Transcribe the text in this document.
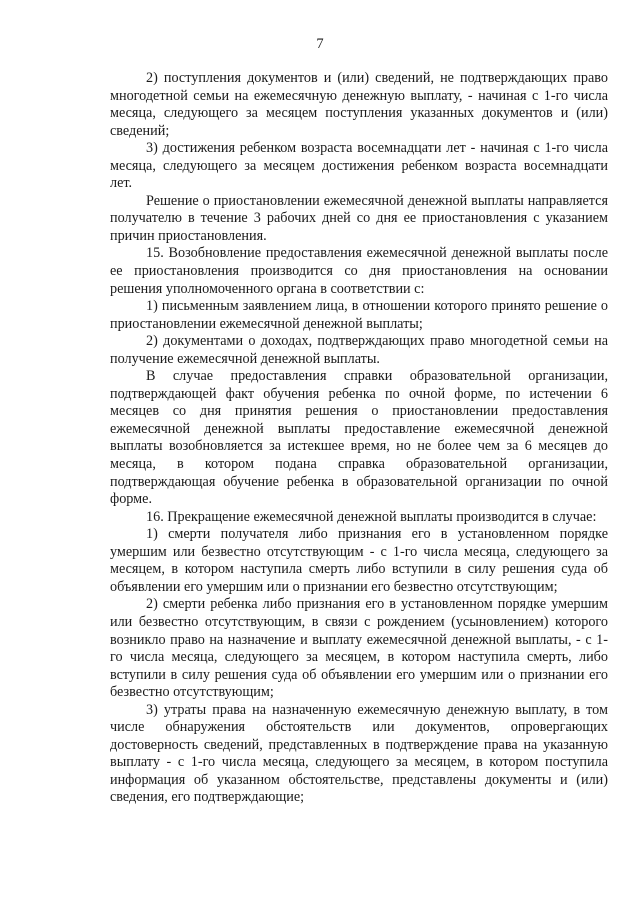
7

2) поступления документов и (или) сведений, не подтверждающих право многодетной семьи на ежемесячную денежную выплату, - начиная с 1-го числа месяца, следующего за месяцем поступления указанных документов и (или) сведений;

3) достижения ребенком возраста восемнадцати лет - начиная с 1-го числа месяца, следующего за месяцем достижения ребенком возраста восемнадцати лет.

Решение о приостановлении ежемесячной денежной выплаты направляется получателю в течение 3 рабочих дней со дня ее приостановления с указанием причин приостановления.

15. Возобновление предоставления ежемесячной денежной выплаты после ее приостановления производится со дня приостановления на основании решения уполномоченного органа в соответствии с:

1) письменным заявлением лица, в отношении которого принято решение о приостановлении ежемесячной денежной выплаты;

2) документами о доходах, подтверждающих право многодетной семьи на получение ежемесячной денежной выплаты.

В случае предоставления справки образовательной организации, подтверждающей факт обучения ребенка по очной форме, по истечении 6 месяцев со дня принятия решения о приостановлении предоставления ежемесячной денежной выплаты предоставление ежемесячной денежной выплаты возобновляется за истекшее время, но не более чем за 6 месяцев до месяца, в котором подана справка образовательной организации, подтверждающая обучение ребенка в образовательной организации по очной форме.

16. Прекращение ежемесячной денежной выплаты производится в случае:

1) смерти получателя либо признания его в установленном порядке умершим или безвестно отсутствующим - с 1-го числа месяца, следующего за месяцем, в котором наступила смерть либо вступили в силу решения суда об объявлении его умершим или о признании его безвестно отсутствующим;

2) смерти ребенка либо признания его в установленном порядке умершим или безвестно отсутствующим, в связи с рождением (усыновлением) которого возникло право на назначение и выплату ежемесячной денежной выплаты, - с 1-го числа месяца, следующего за месяцем, в котором наступила смерть, либо вступили в силу решения суда об объявлении его умершим или о признании его безвестно отсутствующим;

3) утраты права на назначенную ежемесячную денежную выплату, в том числе обнаружения обстоятельств или документов, опровергающих достоверность сведений, представленных в подтверждение права на указанную выплату - с 1-го числа месяца, следующего за месяцем, в котором поступила информация об указанном обстоятельстве, представлены документы и (или) сведения, его подтверждающие;
